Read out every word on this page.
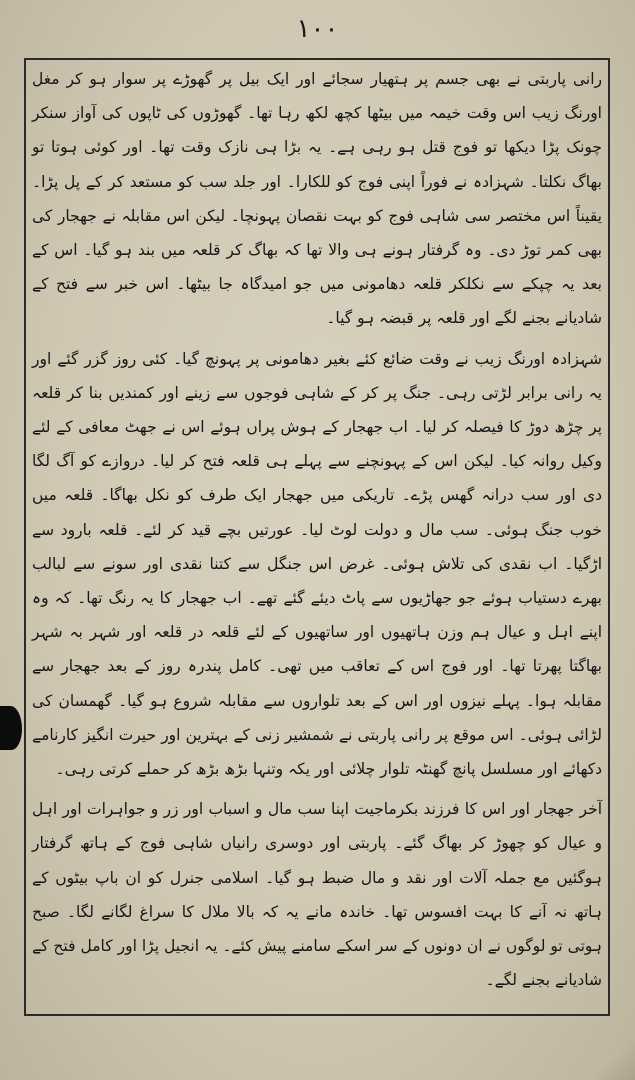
۱۰۰

رانی پاربتی نے بھی جسم پر ہتھیار سجائے اور ایک بیل پر گھوڑے پر سوار ہو کر مغل اورنگ زیب اس وقت خیمہ میں بیٹھا کچھ لکھ رہا تھا۔ گھوڑوں کی ٹاپوں کی آواز سنکر چونک پڑا دیکھا تو فوج قتل ہو رہی ہے۔ یہ بڑا ہی نازک وقت تھا۔ اور کوئی ہوتا تو بھاگ نکلتا۔ شہزادہ نے فوراً اپنی فوج کو للکارا۔ اور جلد سب کو مستعد کر کے پل پڑا۔ یقیناً اس مختصر سی شاہی فوج کو بہت نقصان پہونچا۔ لیکن اس مقابلہ نے جھجار کی بھی کمر توڑ دی۔ وہ گرفتار ہونے ہی والا تھا کہ بھاگ کر قلعہ میں بند ہو گیا۔ اس کے بعد یہ چپکے سے نکلکر قلعہ دھامونی میں جو امیدگاہ جا بیٹھا۔ اس خبر سے فتح کے شادیانے بجنے لگے اور قلعہ پر قبضہ ہو گیا۔

شہزادہ اورنگ زیب نے وقت ضائع کئے بغیر دھامونی پر پہونچ گیا۔ کئی روز گزر گئے اور یہ رانی برابر لڑتی رہی۔ جنگ پر کر کے شاہی فوجوں سے زینے اور کمندیں بنا کر قلعہ پر چڑھ دوڑ کا فیصلہ کر لیا۔ اب جھجار کے ہوش پراں ہوئے اس نے جھٹ معافی کے لئے وکیل روانہ کیا۔ لیکن اس کے پہونچنے سے پہلے ہی قلعہ فتح کر لیا۔ دروازے کو آگ لگا دی اور سب درانہ گھس پڑے۔ تاریکی میں جھجار ایک طرف کو نکل بھاگا۔ قلعہ میں خوب جنگ ہوئی۔ سب مال و دولت لوٹ لیا۔ عورتیں بچے قید کر لئے۔ قلعہ بارود سے اڑگیا۔ اب نقدی کی تلاش ہوئی۔ غرض اس جنگل سے کتنا نقدی اور سونے سے لبالب بھرے دستیاب ہوئے جو جھاڑیوں سے پاٹ دیئے گئے تھے۔ اب جھجار کا یہ رنگ تھا۔ کہ وہ اپنے اہل و عیال ہم وزن ہاتھیوں اور ساتھیوں کے لئے قلعہ در قلعہ اور شہر بہ شہر بھاگتا پھرتا تھا۔ اور فوج اس کے تعاقب میں تھی۔ کامل پندرہ روز کے بعد جھجار سے مقابلہ ہوا۔ پہلے نیزوں اور اس کے بعد تلواروں سے مقابلہ شروع ہو گیا۔ گھمسان کی لڑائی ہوئی۔ اس موقع پر رانی پاربتی نے شمشیر زنی کے بہترین اور حیرت انگیز کارنامے دکھائے اور مسلسل پانچ گھنٹہ تلوار چلائی اور یکہ وتنہا بڑھ بڑھ کر حملے کرتی رہی۔

آخر جھجار اور اس کا فرزند بکرماجیت اپنا سب مال و اسباب اور زر و جواہرات اور اہل و عیال کو چھوڑ کر بھاگ گئے۔ پاربتی اور دوسری رانیاں شاہی فوج کے ہاتھ گرفتار ہوگئیں مع جملہ آلات اور نقد و مال ضبط ہو گیا۔ اسلامی جنرل کو ان باپ بیٹوں کے ہاتھ نہ آنے کا بہت افسوس تھا۔ خاندہ مانے یہ کہ بالا ملال کا سراغ لگانے لگا۔ صبح ہوتی تو لوگوں نے ان دونوں کے سر اسکے سامنے پیش کئے۔ یہ انجیل پڑا اور کامل فتح کے شادیانے بجنے لگے۔
